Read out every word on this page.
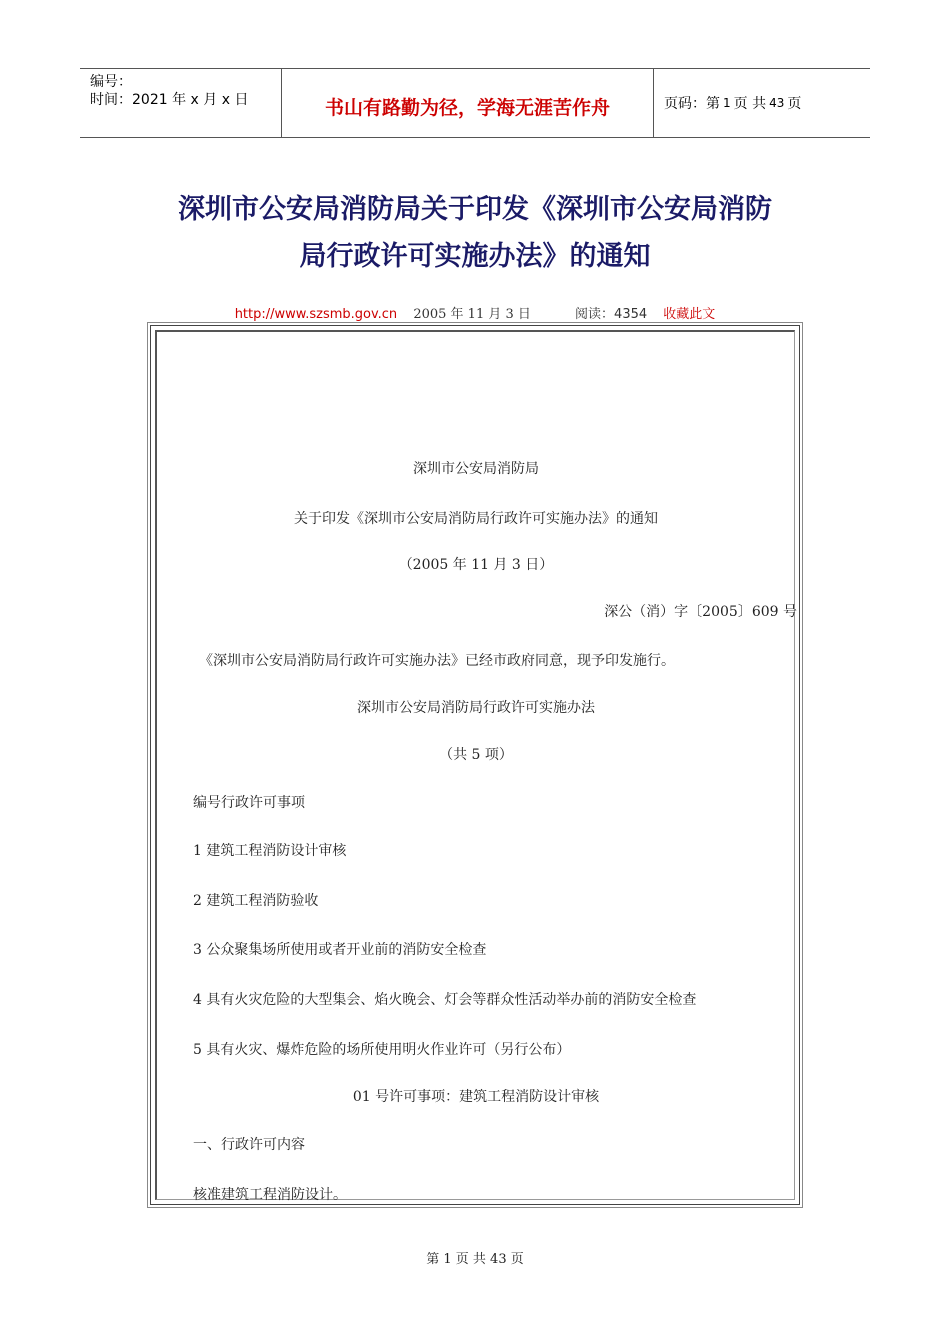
编号：
时间：2021 年 x 月 x 日	书山有路勤为径，学海无涯苦作舟	页码：第 1 页 共 43 页
深圳市公安局消防局关于印发《深圳市公安局消防
局行政许可实施办法》的通知
http://www.szsmb.gov.cn 2005 年 11 月 3 日	阅读：4354 收藏此文
深圳市公安局消防局
关于印发《深圳市公安局消防局行政许可实施办法》的通知
（2005 年 11 月 3 日）
深公（消）字〔2005〕609 号
《深圳市公安局消防局行政许可实施办法》已经市政府同意，现予印发施行。
深圳市公安局消防局行政许可实施办法
（共 5 项）
编号行政许可事项
1 建筑工程消防设计审核
2 建筑工程消防验收
3 公众聚集场所使用或者开业前的消防安全检查
4 具有火灾危险的大型集会、焰火晚会、灯会等群众性活动举办前的消防安全检查
5 具有火灾、爆炸危险的场所使用明火作业许可（另行公布）
01 号许可事项：建筑工程消防设计审核
一、行政许可内容
核准建筑工程消防设计。
第 1 页 共 43 页
